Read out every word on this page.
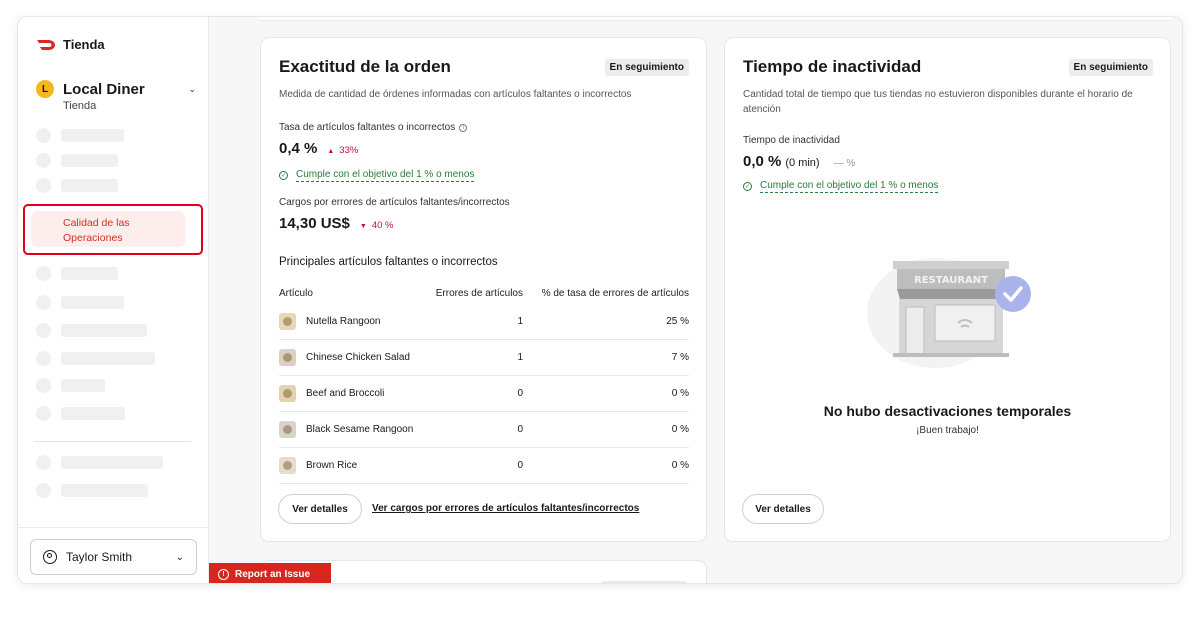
Tienda
L Local Diner	⌄
Tienda
Calidad de las Operaciones
Taylor Smith	⌄
Exactitud de la orden	En seguimiento
Medida de cantidad de órdenes informadas con artículos faltantes o incorrectos
Tasa de artículos faltantes o incorrectos i
0,4 % ▲ 33%
✓ Cumple con el objetivo del 1 % o menos
Cargos por errores de artículos faltantes/incorrectos
14,30 US$ ▼ 40 %
Principales artículos faltantes o incorrectos
Artículo	Errores de artículos	% de tasa de errores de artículos
Nutella Rangoon	1	25 %
Chinese Chicken Salad	1	7 %
Beef and Broccoli	0	0 %
Black Sesame Rangoon	0	0 %
Brown Rice	0	0 %
Ver detalles	Ver cargos por errores de artículos faltantes/incorrectos
Tiempo de inactividad	En seguimiento
Cantidad total de tiempo que tus tiendas no estuvieron disponibles durante el horario de atención
Tiempo de inactividad
0,0 % (0 min) — %
✓ Cumple con el objetivo del 1 % o menos
RESTAURANT
No hubo desactivaciones temporales
¡Buen trabajo!
Ver detalles
!	Report an Issue
